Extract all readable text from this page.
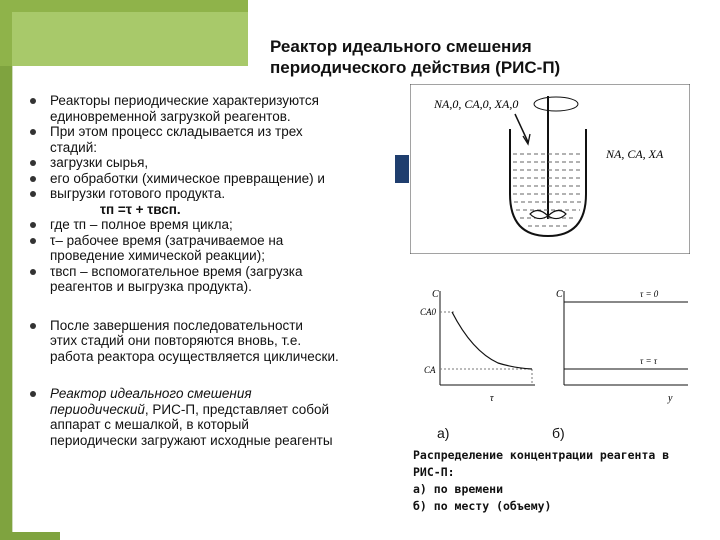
Реактор идеального смешения
периодического действия (РИС-П)
Реакторы периодические характеризуются
единовременной загрузкой реагентов.
При этом процесс складывается из трех
стадий:
загрузки сырья,
его обработки (химическое превращение) и
выгрузки готового продукта.
τп =τ + τвсп.
где τп – полное время цикла;
τ– рабочее время (затрачиваемое на
проведение химической реакции);
τвсп – вспомогательное время (загрузка
реагентов и выгрузка продукта).
После завершения последовательности
этих стадий они повторяются вновь, т.е.
работа реактора осуществляется циклически.
Реактор идеального смешения
периодический, РИС-П, представляет собой
аппарат с мешалкой, в который
периодически загружают исходные реагенты
NA,0, CA,0, XA,0
NA, CA, XA
C
CA0
CA
τ
C	τ = 0
τ = τ
y
а)	б)
Распределение концентрации реагента в
РИС-П:
а) по времени
б) по месту (объему)
